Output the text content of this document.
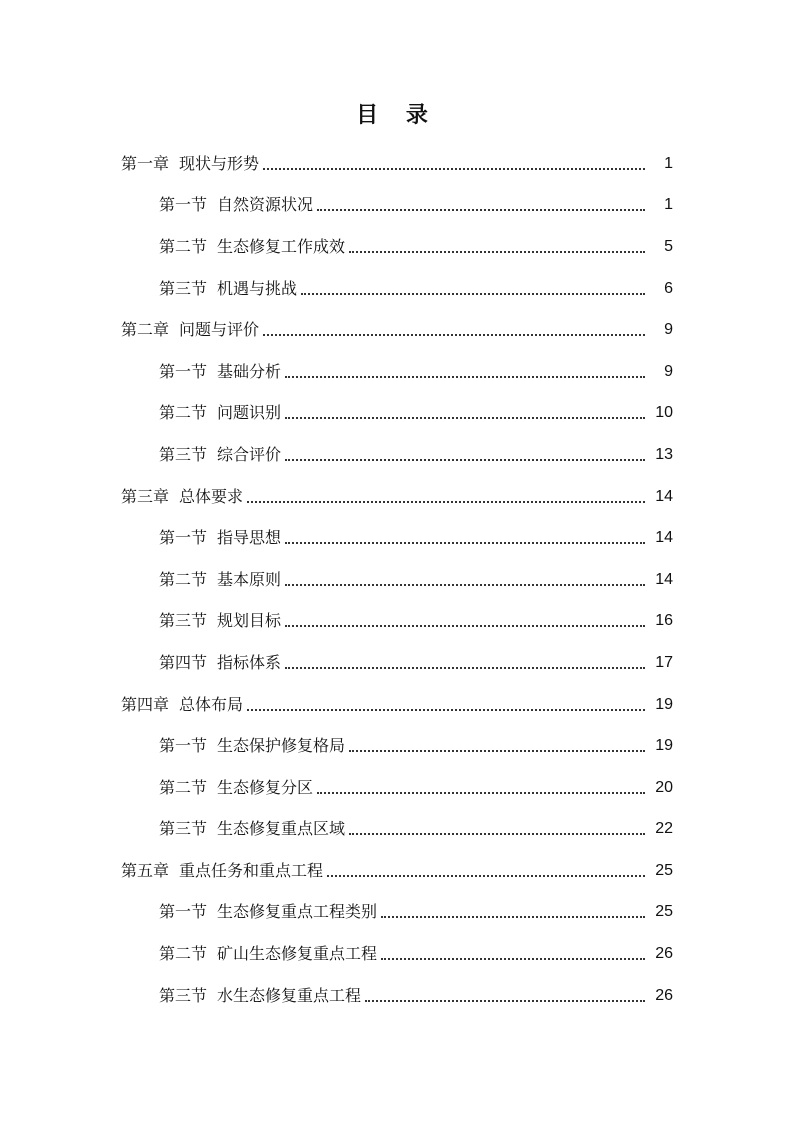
目 录
第一章 现状与形势	1
第一节 自然资源状况	1
第二节 生态修复工作成效	5
第三节 机遇与挑战	6
第二章 问题与评价	9
第一节 基础分析	9
第二节 问题识别	10
第三节 综合评价	13
第三章 总体要求	14
第一节 指导思想	14
第二节 基本原则	14
第三节 规划目标	16
第四节 指标体系	17
第四章 总体布局	19
第一节 生态保护修复格局	19
第二节 生态修复分区	20
第三节 生态修复重点区域	22
第五章 重点任务和重点工程	25
第一节 生态修复重点工程类别	25
第二节 矿山生态修复重点工程	26
第三节 水生态修复重点工程	26
